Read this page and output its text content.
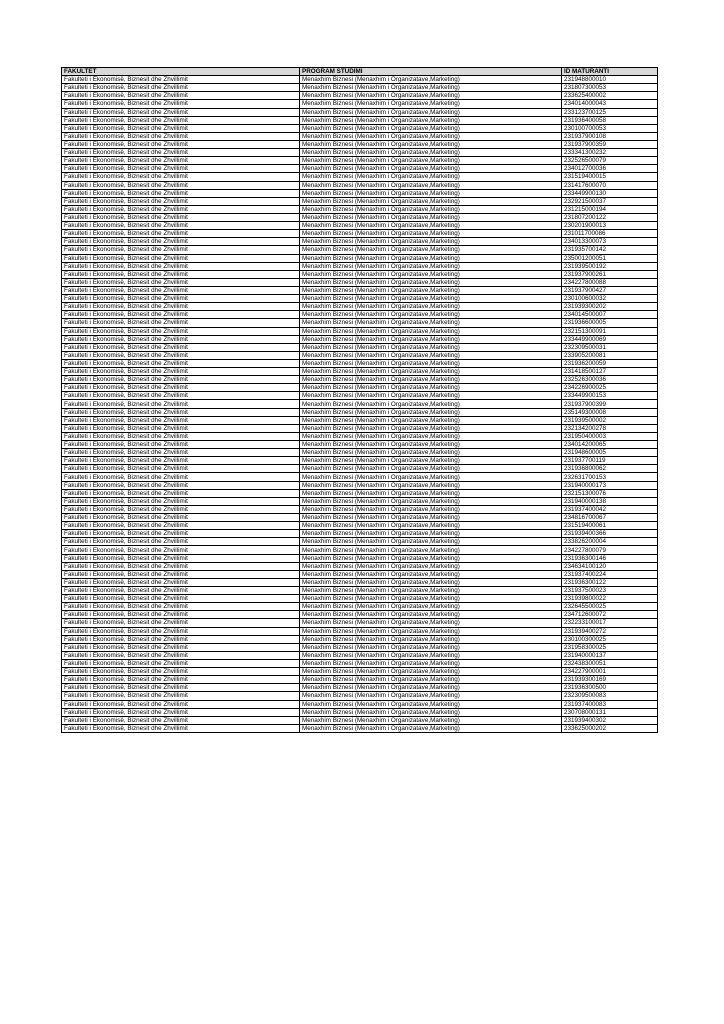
FAKULTET	PROGRAM STUDIMI	ID MATURANTI
Fakulteti i Ekonomisë, Biznesit dhe Zhvillimit	Menaxhim Biznesi (Menaxhim i Organizatave,Marketing)	231948800010
Fakulteti i Ekonomisë, Biznesit dhe Zhvillimit	Menaxhim Biznesi (Menaxhim i Organizatave,Marketing)	231807300053
Fakulteti i Ekonomisë, Biznesit dhe Zhvillimit	Menaxhim Biznesi (Menaxhim i Organizatave,Marketing)	233625400002
Fakulteti i Ekonomisë, Biznesit dhe Zhvillimit	Menaxhim Biznesi (Menaxhim i Organizatave,Marketing)	234014000043
Fakulteti i Ekonomisë, Biznesit dhe Zhvillimit	Menaxhim Biznesi (Menaxhim i Organizatave,Marketing)	233123700125
Fakulteti i Ekonomisë, Biznesit dhe Zhvillimit	Menaxhim Biznesi (Menaxhim i Organizatave,Marketing)	231936400058
Fakulteti i Ekonomisë, Biznesit dhe Zhvillimit	Menaxhim Biznesi (Menaxhim i Organizatave,Marketing)	230100700053
Fakulteti i Ekonomisë, Biznesit dhe Zhvillimit	Menaxhim Biznesi (Menaxhim i Organizatave,Marketing)	231937900108
Fakulteti i Ekonomisë, Biznesit dhe Zhvillimit	Menaxhim Biznesi (Menaxhim i Organizatave,Marketing)	231937900359
Fakulteti i Ekonomisë, Biznesit dhe Zhvillimit	Menaxhim Biznesi (Menaxhim i Organizatave,Marketing)	233341300232
Fakulteti i Ekonomisë, Biznesit dhe Zhvillimit	Menaxhim Biznesi (Menaxhim i Organizatave,Marketing)	232526500079
Fakulteti i Ekonomisë, Biznesit dhe Zhvillimit	Menaxhim Biznesi (Menaxhim i Organizatave,Marketing)	234012700036
Fakulteti i Ekonomisë, Biznesit dhe Zhvillimit	Menaxhim Biznesi (Menaxhim i Organizatave,Marketing)	231519400015
Fakulteti i Ekonomisë, Biznesit dhe Zhvillimit	Menaxhim Biznesi (Menaxhim i Organizatave,Marketing)	231417600070
Fakulteti i Ekonomisë, Biznesit dhe Zhvillimit	Menaxhim Biznesi (Menaxhim i Organizatave,Marketing)	233449900130
Fakulteti i Ekonomisë, Biznesit dhe Zhvillimit	Menaxhim Biznesi (Menaxhim i Organizatave,Marketing)	232921500037
Fakulteti i Ekonomisë, Biznesit dhe Zhvillimit	Menaxhim Biznesi (Menaxhim i Organizatave,Marketing)	231215000194
Fakulteti i Ekonomisë, Biznesit dhe Zhvillimit	Menaxhim Biznesi (Menaxhim i Organizatave,Marketing)	231807200122
Fakulteti i Ekonomisë, Biznesit dhe Zhvillimit	Menaxhim Biznesi (Menaxhim i Organizatave,Marketing)	230201900013
Fakulteti i Ekonomisë, Biznesit dhe Zhvillimit	Menaxhim Biznesi (Menaxhim i Organizatave,Marketing)	231011700086
Fakulteti i Ekonomisë, Biznesit dhe Zhvillimit	Menaxhim Biznesi (Menaxhim i Organizatave,Marketing)	234013300073
Fakulteti i Ekonomisë, Biznesit dhe Zhvillimit	Menaxhim Biznesi (Menaxhim i Organizatave,Marketing)	231935700142
Fakulteti i Ekonomisë, Biznesit dhe Zhvillimit	Menaxhim Biznesi (Menaxhim i Organizatave,Marketing)	235001200051
Fakulteti i Ekonomisë, Biznesit dhe Zhvillimit	Menaxhim Biznesi (Menaxhim i Organizatave,Marketing)	231939500192
Fakulteti i Ekonomisë, Biznesit dhe Zhvillimit	Menaxhim Biznesi (Menaxhim i Organizatave,Marketing)	231937900261
Fakulteti i Ekonomisë, Biznesit dhe Zhvillimit	Menaxhim Biznesi (Menaxhim i Organizatave,Marketing)	234227800088
Fakulteti i Ekonomisë, Biznesit dhe Zhvillimit	Menaxhim Biznesi (Menaxhim i Organizatave,Marketing)	231937900427
Fakulteti i Ekonomisë, Biznesit dhe Zhvillimit	Menaxhim Biznesi (Menaxhim i Organizatave,Marketing)	230100600032
Fakulteti i Ekonomisë, Biznesit dhe Zhvillimit	Menaxhim Biznesi (Menaxhim i Organizatave,Marketing)	231939300202
Fakulteti i Ekonomisë, Biznesit dhe Zhvillimit	Menaxhim Biznesi (Menaxhim i Organizatave,Marketing)	234014500007
Fakulteti i Ekonomisë, Biznesit dhe Zhvillimit	Menaxhim Biznesi (Menaxhim i Organizatave,Marketing)	231936600005
Fakulteti i Ekonomisë, Biznesit dhe Zhvillimit	Menaxhim Biznesi (Menaxhim i Organizatave,Marketing)	232151300091
Fakulteti i Ekonomisë, Biznesit dhe Zhvillimit	Menaxhim Biznesi (Menaxhim i Organizatave,Marketing)	233449900069
Fakulteti i Ekonomisë, Biznesit dhe Zhvillimit	Menaxhim Biznesi (Menaxhim i Organizatave,Marketing)	232309500031
Fakulteti i Ekonomisë, Biznesit dhe Zhvillimit	Menaxhim Biznesi (Menaxhim i Organizatave,Marketing)	233905200081
Fakulteti i Ekonomisë, Biznesit dhe Zhvillimit	Menaxhim Biznesi (Menaxhim i Organizatave,Marketing)	231936200059
Fakulteti i Ekonomisë, Biznesit dhe Zhvillimit	Menaxhim Biznesi (Menaxhim i Organizatave,Marketing)	231418500127
Fakulteti i Ekonomisë, Biznesit dhe Zhvillimit	Menaxhim Biznesi (Menaxhim i Organizatave,Marketing)	232526300036
Fakulteti i Ekonomisë, Biznesit dhe Zhvillimit	Menaxhim Biznesi (Menaxhim i Organizatave,Marketing)	234226900025
Fakulteti i Ekonomisë, Biznesit dhe Zhvillimit	Menaxhim Biznesi (Menaxhim i Organizatave,Marketing)	233449900153
Fakulteti i Ekonomisë, Biznesit dhe Zhvillimit	Menaxhim Biznesi (Menaxhim i Organizatave,Marketing)	231937900399
Fakulteti i Ekonomisë, Biznesit dhe Zhvillimit	Menaxhim Biznesi (Menaxhim i Organizatave,Marketing)	235149300008
Fakulteti i Ekonomisë, Biznesit dhe Zhvillimit	Menaxhim Biznesi (Menaxhim i Organizatave,Marketing)	231939500002
Fakulteti i Ekonomisë, Biznesit dhe Zhvillimit	Menaxhim Biznesi (Menaxhim i Organizatave,Marketing)	232134200278
Fakulteti i Ekonomisë, Biznesit dhe Zhvillimit	Menaxhim Biznesi (Menaxhim i Organizatave,Marketing)	231950400003
Fakulteti i Ekonomisë, Biznesit dhe Zhvillimit	Menaxhim Biznesi (Menaxhim i Organizatave,Marketing)	234014200065
Fakulteti i Ekonomisë, Biznesit dhe Zhvillimit	Menaxhim Biznesi (Menaxhim i Organizatave,Marketing)	231948600005
Fakulteti i Ekonomisë, Biznesit dhe Zhvillimit	Menaxhim Biznesi (Menaxhim i Organizatave,Marketing)	231937700119
Fakulteti i Ekonomisë, Biznesit dhe Zhvillimit	Menaxhim Biznesi (Menaxhim i Organizatave,Marketing)	231936800062
Fakulteti i Ekonomisë, Biznesit dhe Zhvillimit	Menaxhim Biznesi (Menaxhim i Organizatave,Marketing)	232631700153
Fakulteti i Ekonomisë, Biznesit dhe Zhvillimit	Menaxhim Biznesi (Menaxhim i Organizatave,Marketing)	231940000173
Fakulteti i Ekonomisë, Biznesit dhe Zhvillimit	Menaxhim Biznesi (Menaxhim i Organizatave,Marketing)	232151300076
Fakulteti i Ekonomisë, Biznesit dhe Zhvillimit	Menaxhim Biznesi (Menaxhim i Organizatave,Marketing)	231940000138
Fakulteti i Ekonomisë, Biznesit dhe Zhvillimit	Menaxhim Biznesi (Menaxhim i Organizatave,Marketing)	231937400042
Fakulteti i Ekonomisë, Biznesit dhe Zhvillimit	Menaxhim Biznesi (Menaxhim i Organizatave,Marketing)	234816700067
Fakulteti i Ekonomisë, Biznesit dhe Zhvillimit	Menaxhim Biznesi (Menaxhim i Organizatave,Marketing)	231519400061
Fakulteti i Ekonomisë, Biznesit dhe Zhvillimit	Menaxhim Biznesi (Menaxhim i Organizatave,Marketing)	231939400366
Fakulteti i Ekonomisë, Biznesit dhe Zhvillimit	Menaxhim Biznesi (Menaxhim i Organizatave,Marketing)	233826200004
Fakulteti i Ekonomisë, Biznesit dhe Zhvillimit	Menaxhim Biznesi (Menaxhim i Organizatave,Marketing)	234227800079
Fakulteti i Ekonomisë, Biznesit dhe Zhvillimit	Menaxhim Biznesi (Menaxhim i Organizatave,Marketing)	231936300146
Fakulteti i Ekonomisë, Biznesit dhe Zhvillimit	Menaxhim Biznesi (Menaxhim i Organizatave,Marketing)	234634100120
Fakulteti i Ekonomisë, Biznesit dhe Zhvillimit	Menaxhim Biznesi (Menaxhim i Organizatave,Marketing)	231937400224
Fakulteti i Ekonomisë, Biznesit dhe Zhvillimit	Menaxhim Biznesi (Menaxhim i Organizatave,Marketing)	231936300122
Fakulteti i Ekonomisë, Biznesit dhe Zhvillimit	Menaxhim Biznesi (Menaxhim i Organizatave,Marketing)	231937500023
Fakulteti i Ekonomisë, Biznesit dhe Zhvillimit	Menaxhim Biznesi (Menaxhim i Organizatave,Marketing)	231939800022
Fakulteti i Ekonomisë, Biznesit dhe Zhvillimit	Menaxhim Biznesi (Menaxhim i Organizatave,Marketing)	232645500025
Fakulteti i Ekonomisë, Biznesit dhe Zhvillimit	Menaxhim Biznesi (Menaxhim i Organizatave,Marketing)	234712600072
Fakulteti i Ekonomisë, Biznesit dhe Zhvillimit	Menaxhim Biznesi (Menaxhim i Organizatave,Marketing)	232233100017
Fakulteti i Ekonomisë, Biznesit dhe Zhvillimit	Menaxhim Biznesi (Menaxhim i Organizatave,Marketing)	231939400272
Fakulteti i Ekonomisë, Biznesit dhe Zhvillimit	Menaxhim Biznesi (Menaxhim i Organizatave,Marketing)	230100300025
Fakulteti i Ekonomisë, Biznesit dhe Zhvillimit	Menaxhim Biznesi (Menaxhim i Organizatave,Marketing)	231958300025
Fakulteti i Ekonomisë, Biznesit dhe Zhvillimit	Menaxhim Biznesi (Menaxhim i Organizatave,Marketing)	231940000137
Fakulteti i Ekonomisë, Biznesit dhe Zhvillimit	Menaxhim Biznesi (Menaxhim i Organizatave,Marketing)	232438300051
Fakulteti i Ekonomisë, Biznesit dhe Zhvillimit	Menaxhim Biznesi (Menaxhim i Organizatave,Marketing)	234227900001
Fakulteti i Ekonomisë, Biznesit dhe Zhvillimit	Menaxhim Biznesi (Menaxhim i Organizatave,Marketing)	231939300169
Fakulteti i Ekonomisë, Biznesit dhe Zhvillimit	Menaxhim Biznesi (Menaxhim i Organizatave,Marketing)	231936300500
Fakulteti i Ekonomisë, Biznesit dhe Zhvillimit	Menaxhim Biznesi (Menaxhim i Organizatave,Marketing)	232309500083
Fakulteti i Ekonomisë, Biznesit dhe Zhvillimit	Menaxhim Biznesi (Menaxhim i Organizatave,Marketing)	231937400083
Fakulteti i Ekonomisë, Biznesit dhe Zhvillimit	Menaxhim Biznesi (Menaxhim i Organizatave,Marketing)	230708000131
Fakulteti i Ekonomisë, Biznesit dhe Zhvillimit	Menaxhim Biznesi (Menaxhim i Organizatave,Marketing)	231939400302
Fakulteti i Ekonomisë, Biznesit dhe Zhvillimit	Menaxhim Biznesi (Menaxhim i Organizatave,Marketing)	233625000202
